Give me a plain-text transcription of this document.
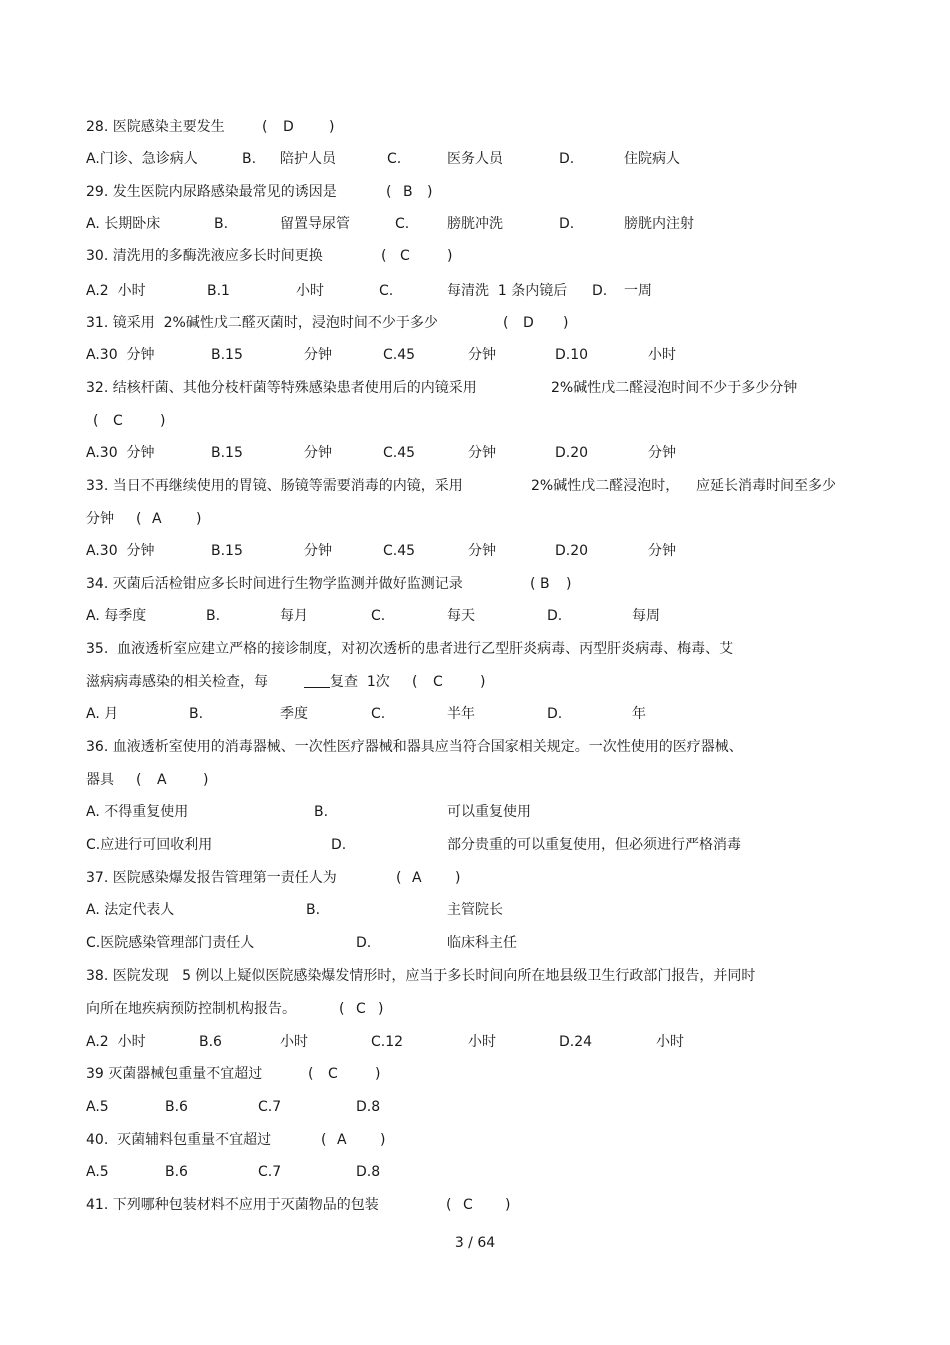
28. 医院感染主要发生	( D	)
A.门诊、急诊病人	B. 陪护人员	C.	医务人员	D.	住院病人
29. 发生医院内尿路感染最常见的诱因是	( B )
A. 长期卧床	B.	留置导尿管	C.	膀胱冲洗	D.	膀胱内注射
30. 清洗用的多酶洗液应多长时间更换	( C	)
A.2  小时	B.1	小时	C.	每清洗  1 条内镜后 D. 一周
31. 镜采用  2%碱性戊二醛灭菌时，浸泡时间不少于多少	( D )
A.30  分钟	B.15	分钟	C.45	分钟	D.10	小时
32. 结核杆菌、其他分枝杆菌等特殊感染患者使用后的内镜采用	2%碱性戊二醛浸泡时间不少于多少分钟
( C	)
A.30  分钟	B.15	分钟	C.45	分钟	D.20	分钟
33. 当日不再继续使用的胃镜、肠镜等需要消毒的内镜，采用	2%碱性戊二醛浸泡时， 应延长消毒时间至多少
分钟 ( A )
A.30  分钟	B.15	分钟	C.45	分钟	D.20	分钟
34. 灭菌后活检钳应多长时间进行生物学监测并做好监测记录	( B )
A. 每季度	B.	每月	C.	每天	D.	每周
35.  血液透析室应建立严格的接诊制度，对初次透析的患者进行乙型肝炎病毒、丙型肝炎病毒、梅毒、艾
滋病病毒感染的相关检查，每	复查  1次 ( C	)
A. 月	B.	季度	C.	半年	D.	年
36. 血液透析室使用的消毒器械、一次性医疗器械和器具应当符合国家相关规定。一次性使用的医疗器械、
器具 ( A	)
A. 不得重复使用	B.	可以重复使用
C.应进行可回收利用	D.	部分贵重的可以重复使用，但必须进行严格消毒
37. 医院感染爆发报告管理第一责任人为	( A )
A. 法定代表人	B.	主管院长
C.医院感染管理部门责任人	D.	临床科主任
38. 医院发现   5 例以上疑似医院感染爆发情形时，应当于多长时间向所在地县级卫生行政部门报告，并同时
向所在地疾病预防控制机构报告。	( C )
A.2  小时	B.6	小时	C.12	小时	D.24	小时
39 灭菌器械包重量不宜超过	( C	)
A.5	B.6	C.7	D.8
40.  灭菌辅料包重量不宜超过	( A )
A.5	B.6	C.7	D.8
41. 下列哪种包装材料不应用于灭菌物品的包装	( C )
3 / 64
